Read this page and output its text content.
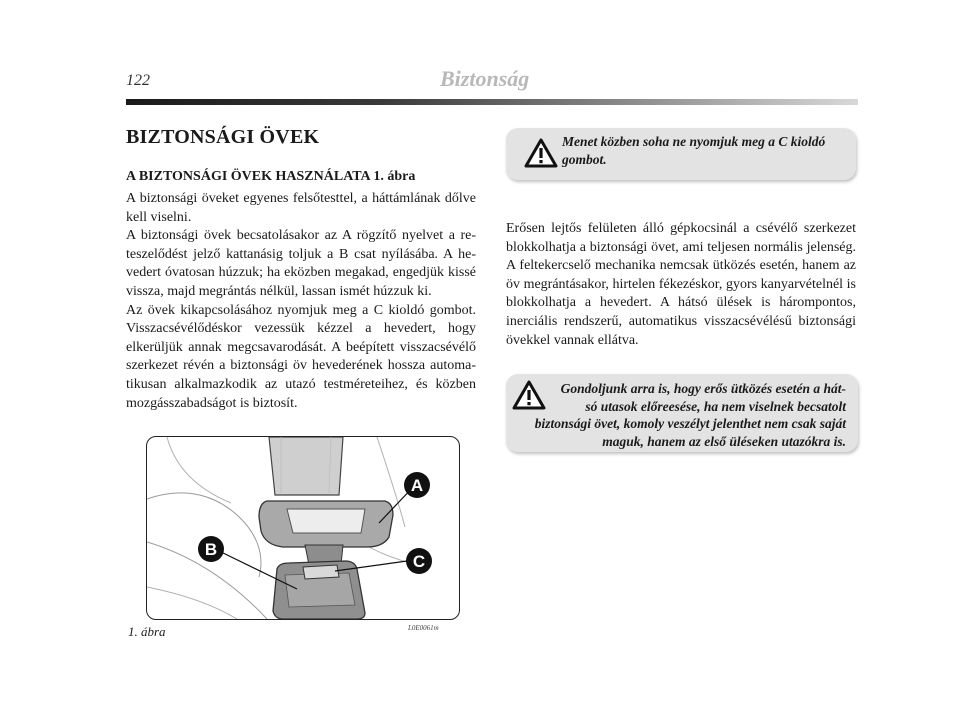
122	Biztonság
BIZTONSÁGI ÖVEK
A BIZTONSÁGI ÖVEK HASZNÁLATA 1. ábra

A biztonsági öveket egyenes felsőtesttel, a háttámlának dőlve kell viselni.

A biztonsági övek becsatolásakor az A rögzítő nyelvet a reteszelődést jelző kattanásig toljuk a B csat nyílásába. A hevedert óvatosan húzzuk; ha eközben megakad, engedjük kissé vissza, majd megrántás nélkül, lassan ismét húzzuk ki.

Az övek kikapcsolásához nyomjuk meg a C kioldó gombot. Visszacsévélődéskor vezessük kézzel a hevedert, hogy elkerüljük annak megcsavarodását. A beépített visszacsévélő szerkezet révén a biztonsági öv hevederének hossza automatikusan alkalmazkodik az utazó testméreteihez, és közben mozgásszabadságot is biztosít.

Menet közben soha ne nyomjuk meg a C kioldó gombot.

Erősen lejtős felületen álló gépkocsinál a csévélő szerkezet blokkolhatja a biztonsági övet, ami teljesen normális jelenség. A feltekercselő mechanika nemcsak ütközés esetén, hanem az öv megrántásakor, hirtelen fékezéskor, gyors kanyarvételnél is blokkolhatja a hevedert. A hátsó ülések is hárompontos, inerciális rendszerű, automatikus visszacsévélésű biztonsági övekkel vannak ellátva.

Gondoljunk arra is, hogy erős ütközés esetén a hátsó utasok előreesése, ha nem viselnek becsatolt biztonsági övet, komoly veszélyt jelenthet nem csak saját maguk, hanem az első üléseken utazókra is.

A
B
C
1. ábra	L0E0061m
